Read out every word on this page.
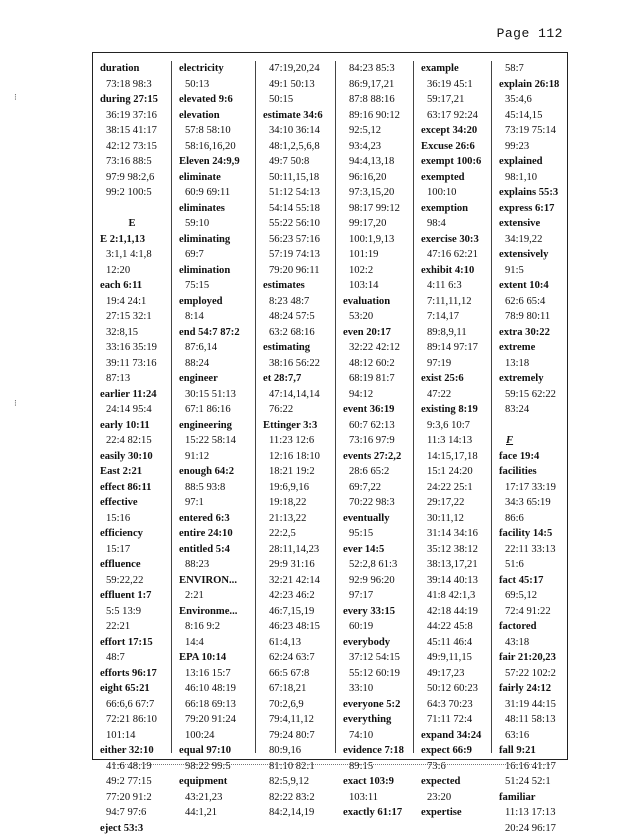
Page 112
⁝
⁝
duration
73:18 98:3
during 27:15
36:19 37:16
38:15 41:17
42:12 73:15
73:16 88:5
97:9 98:2,6
99:2 100:5
E
E 2:1,1,13
3:1,1 4:1,8
12:20
each 6:11
19:4 24:1
27:15 32:1
32:8,15
33:16 35:19
39:11 73:16
87:13
earlier 11:24
24:14 95:4
early 10:11
22:4 82:15
easily 30:10
East 2:21
effect 86:11
effective
15:16
efficiency
15:17
effluence
59:22,22
effluent 1:7
5:5 13:9
22:21
effort 17:15
48:7
efforts 96:17
eight 65:21
66:6,6 67:7
72:21 86:10
101:14
either 32:10
41:6 48:19
49:2 77:15
77:20 91:2
94:7 97:6
eject 53:3
electricity
50:13
elevated 9:6
elevation
57:8 58:10
58:16,16,20
Eleven 24:9,9
eliminate
60:9 69:11
eliminates
59:10
eliminating
69:7
elimination
75:15
employed
8:14
end 54:7 87:2
87:6,14
88:24
engineer
30:15 51:13
67:1 86:16
engineering
15:22 58:14
91:12
enough 64:2
88:5 93:8
97:1
entered 6:3
entire 24:10
entitled 5:4
88:23
ENVIRON...
2:21
Environme...
8:16 9:2
14:4
EPA 10:14
13:16 15:7
46:10 48:19
66:18 69:13
79:20 91:24
100:24
equal 97:10
98:22 99:5
equipment
43:21,23
44:1,21
47:19,20,24
49:1 50:13
50:15
estimate 34:6
34:10 36:14
48:1,2,5,6,8
49:7 50:8
50:11,15,18
51:12 54:13
54:14 55:18
55:22 56:10
56:23 57:16
57:19 74:13
79:20 96:11
estimates
8:23 48:7
48:24 57:5
63:2 68:16
estimating
38:16 56:22
et 28:7,7
47:14,14,14
76:22
Ettinger 3:3
11:23 12:6
12:16 18:10
18:21 19:2
19:6,9,16
19:18,22
21:13,22
22:2,5
28:11,14,23
29:9 31:16
32:21 42:14
42:23 46:2
46:7,15,19
46:23 48:15
61:4,13
62:24 63:7
66:5 67:8
67:18,21
70:2,6,9
79:4,11,12
79:24 80:7
80:9,16
81:10 82:1
82:5,9,12
82:22 83:2
84:2,14,19
84:23 85:3
86:9,17,21
87:8 88:16
89:16 90:12
92:5,12
93:4,23
94:4,13,18
96:16,20
97:3,15,20
98:17 99:12
99:17,20
100:1,9,13
101:19
102:2
103:14
evaluation
53:20
even 20:17
32:22 42:12
48:12 60:2
68:19 81:7
94:12
event 36:19
60:7 62:13
73:16 97:9
events 27:2,2
28:6 65:2
69:7,22
70:22 98:3
eventually
95:15
ever 14:5
52:2,8 61:3
92:9 96:20
97:17
every 33:15
60:19
everybody
37:12 54:15
55:12 60:19
33:10
everyone 5:2
everything
74:10
evidence 7:18
89:15
exact 103:9
103:11
exactly 61:17
example
36:19 45:1
59:17,21
63:17 92:24
except 34:20
Excuse 26:6
exempt 100:6
exempted
100:10
exemption
98:4
exercise 30:3
47:16 62:21
exhibit 4:10
4:11 6:3
7:11,11,12
7:14,17
89:8,9,11
89:14 97:17
97:19
exist 25:6
47:22
existing 8:19
9:3,6 10:7
11:3 14:13
14:15,17,18
15:1 24:20
24:22 25:1
29:17,22
30:11,12
31:14 34:16
35:12 38:12
38:13,17,21
39:14 40:13
41:8 42:1,3
42:18 44:19
44:22 45:8
45:11 46:4
49:9,11,15
49:17,23
50:12 60:23
64:3 70:23
71:11 72:4
expand 34:24
expect 66:9
73:6
expected
23:20
expertise
58:7
explain 26:18
35:4,6
45:14,15
73:19 75:14
99:23
explained
98:1,10
explains 55:3
express 6:17
extensive
34:19,22
extensively
91:5
extent 10:4
62:6 65:4
78:9 80:11
extra 30:22
extreme
13:18
extremely
59:15 62:22
83:24
F
face 19:4
facilities
17:17 33:19
34:3 65:19
86:6
facility 14:5
22:11 33:13
51:6
fact 45:17
69:5,12
72:4 91:22
factored
43:18
fair 21:20,23
57:22 102:2
fairly 24:12
31:19 44:15
48:11 58:13
63:16
fall 9:21
16:16 41:17
51:24 52:1
familiar
11:13 17:13
20:24 96:17
